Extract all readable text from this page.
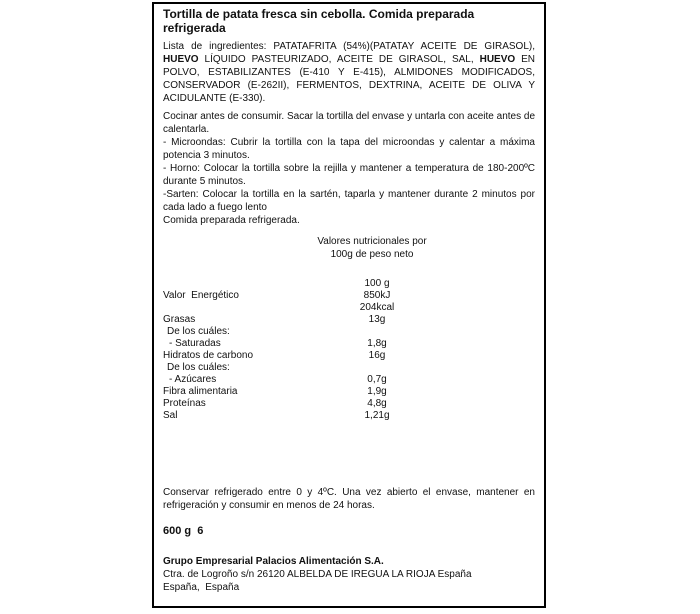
Tortilla de patata fresca sin cebolla. Comida preparada refrigerada

Lista de ingredientes: PATATAFRITA (54%)(PATATAY ACEITE DE GIRASOL), HUEVO LÍQUIDO PASTEURIZADO, ACEITE DE GIRASOL, SAL, HUEVO EN POLVO, ESTABILIZANTES (E-410 Y E-415), ALMIDONES MODIFICADOS, CONSERVADOR (E-262II), FERMENTOS, DEXTRINA, ACEITE DE OLIVA Y ACIDULANTE (E-330).

Cocinar antes de consumir. Sacar la tortilla del envase y untarla con aceite antes de calentarla.
- Microondas: Cubrir la tortilla con la tapa del microondas y calentar a máxima potencia 3 minutos.
- Horno: Colocar la tortilla sobre la rejilla y mantener a temperatura de 180-200ºC durante 5 minutos.
-Sarten: Colocar la tortilla en la sartén, taparla y mantener durante 2 minutos por cada lado a fuego lento
Comida preparada refrigerada.
Valores nutricionales por
100g de peso neto
100 g
Valor  Energético	850kJ
204kcal
Grasas	13g
De los cuáles:
- Saturadas	1,8g
Hidratos de carbono	16g
De los cuáles:
- Azúcares	0,7g
Fibra alimentaria	1,9g
Proteínas	4,8g
Sal	1,21g

Conservar refrigerado entre 0 y 4ºC. Una vez abierto el envase, mantener en refrigeración y consumir en menos de 24 horas.

600 g  6
Grupo Empresarial Palacios Alimentación S.A.
Ctra. de Logroño s/n 26120 ALBELDA DE IREGUA LA RIOJA España
España,  España
